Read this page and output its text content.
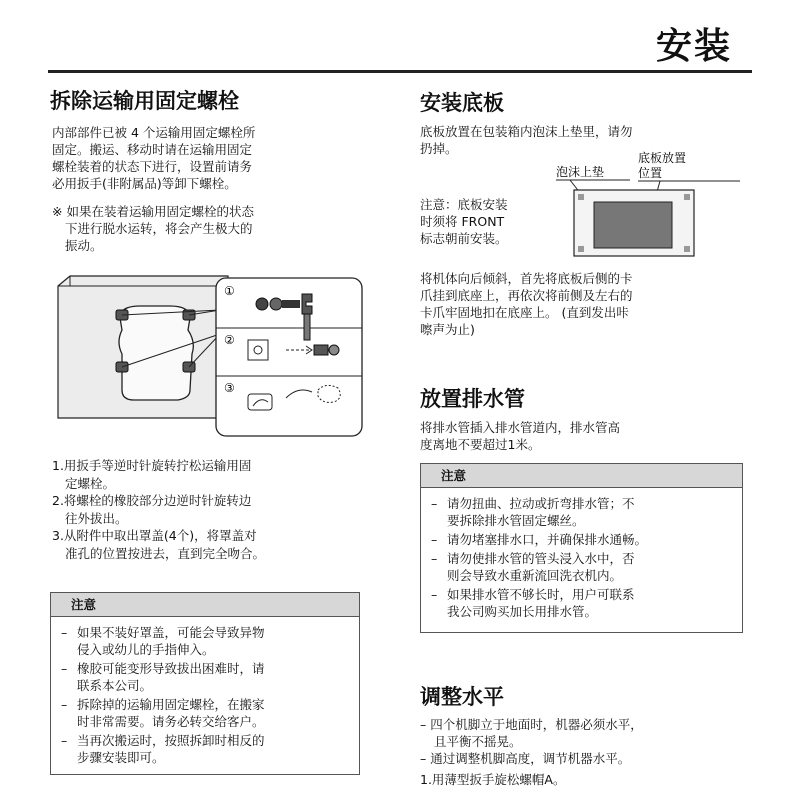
安装
拆除运输用固定螺栓
内部部件已被 4 个运输用固定螺栓所
固定。搬运、移动时请在运输用固定
螺栓装着的状态下进行，设置前请务
必用扳手(非附属品)等卸下螺栓。
※ 如果在装着运输用固定螺栓的状态
下进行脱水运转，将会产生极大的
振动。
①
②
③
1.用扳手等逆时针旋转拧松运输用固
定螺栓。
2.将螺栓的橡胶部分边逆时针旋转边
往外拔出。
3.从附件中取出罩盖(4个)，将罩盖对
准孔的位置按进去，直到完全吻合。
注意
– 如果不装好罩盖，可能会导致异物
侵入或幼儿的手指伸入。
– 橡胶可能变形导致拔出困难时，请
联系本公司。
– 拆除掉的运输用固定螺栓，在搬家
时非常需要。请务必转交给客户。
– 当再次搬运时，按照拆卸时相反的
步骤安装即可。
安装底板
底板放置在包装箱内泡沫上垫里，请勿
扔掉。
注意：底板安装
时须将 FRONT
标志朝前安装。
泡沫上垫
底板放置
位置
将机体向后倾斜，首先将底板后侧的卡
爪挂到底座上，再依次将前侧及左右的
卡爪牢固地扣在底座上。 (直到发出咔
嚓声为止)
放置排水管
将排水管插入排水管道内，排水管高
度离地不要超过1米。
注意
– 请勿扭曲、拉动或折弯排水管；不
要拆除排水管固定螺丝。
– 请勿堵塞排水口，并确保排水通畅。
– 请勿使排水管的管头浸入水中，否
则会导致水重新流回洗衣机内。
– 如果排水管不够长时，用户可联系
我公司购买加长用排水管。
调整水平
– 四个机脚立于地面时，机器必须水平，
且平衡不摇晃。
– 通过调整机脚高度，调节机器水平。
1.用薄型扳手旋松螺帽A。
